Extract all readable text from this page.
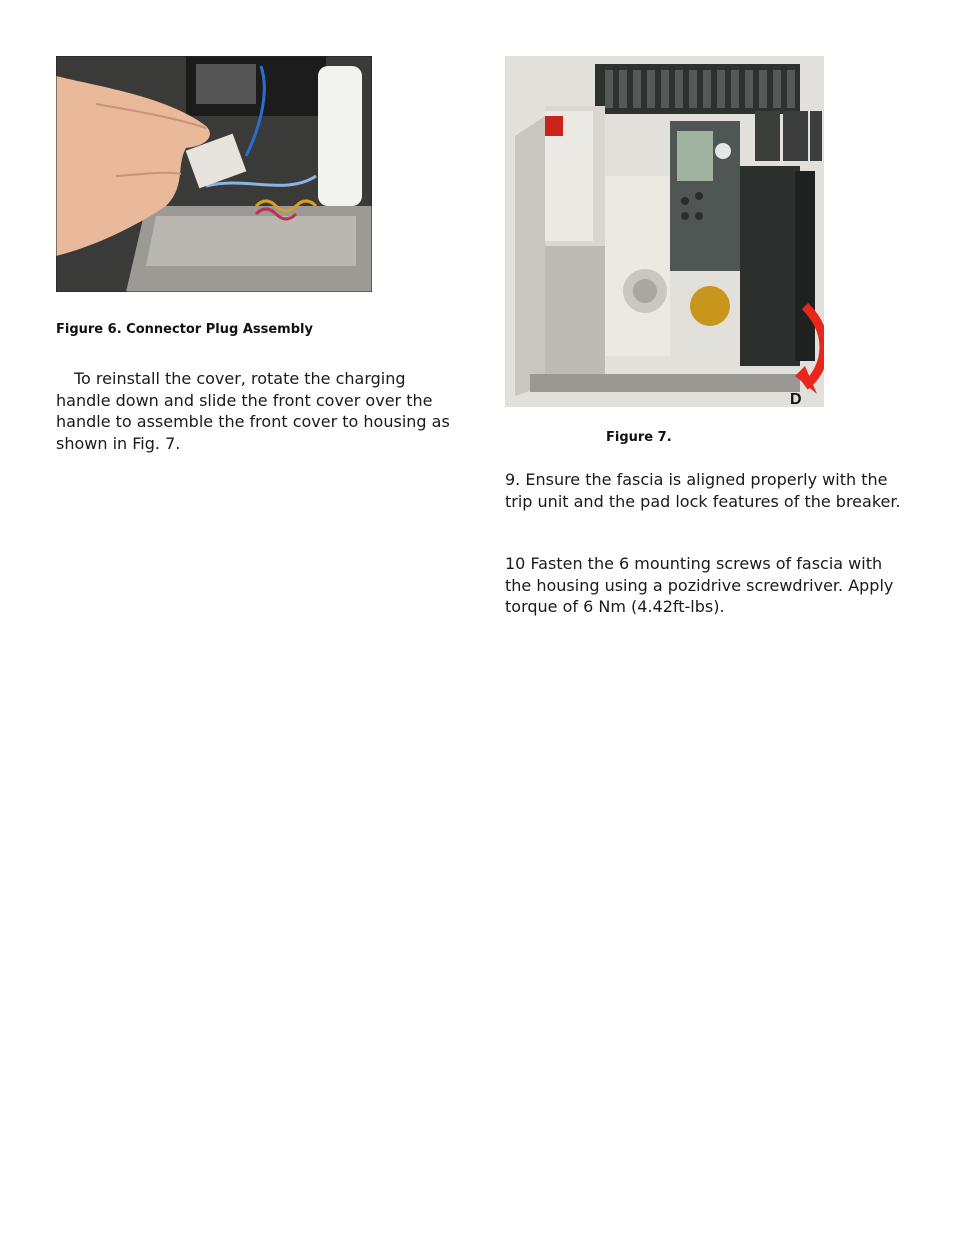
Figure 6. Connector Plug Assembly

To reinstall the cover, rotate the charging
handle down and slide the front cover over the
handle to assemble the front cover to housing as
shown in Fig. 7.

D
Figure 7.

9. Ensure the fascia is aligned properly with the
trip unit and the pad lock features of the breaker.

10 Fasten the 6 mounting screws of fascia with
the housing using a pozidrive screwdriver. Apply
torque of 6 Nm (4.42ft-lbs).
